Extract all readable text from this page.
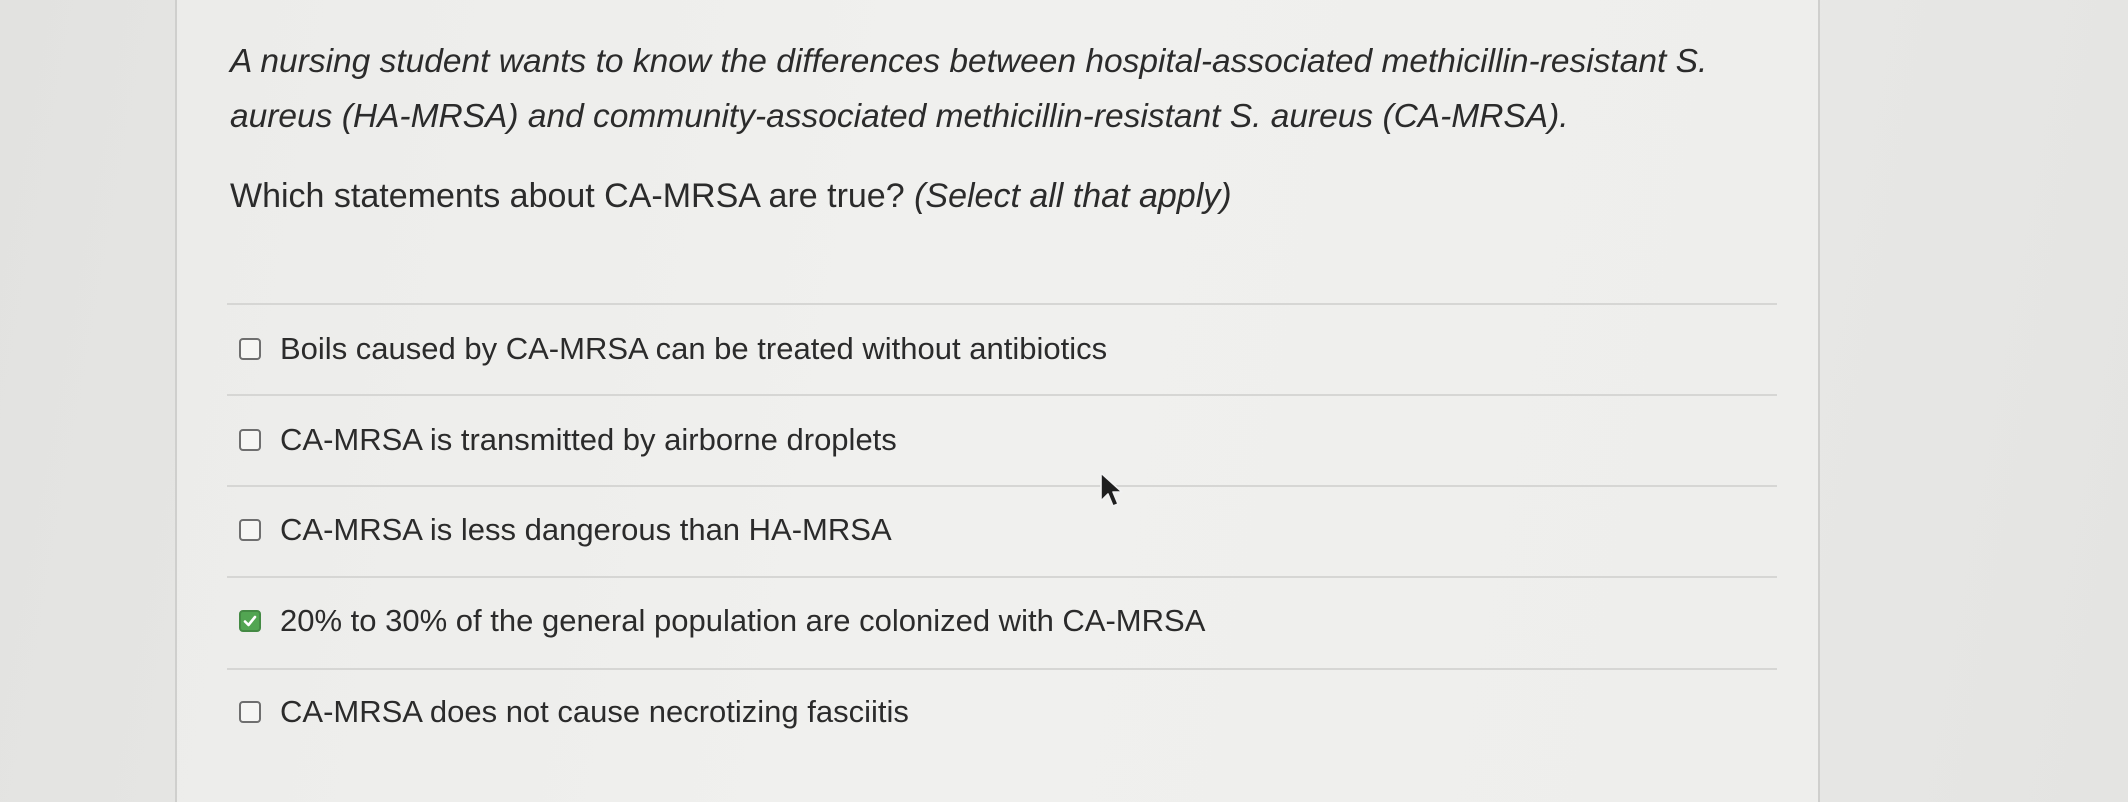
A nursing student wants to know the differences between hospital-associated methicillin-resistant S. aureus (HA-MRSA) and community-associated methicillin-resistant S. aureus (CA-MRSA).

Which statements about CA-MRSA are true? (Select all that apply)

Boils caused by CA-MRSA can be treated without antibiotics
CA-MRSA is transmitted by airborne droplets
CA-MRSA is less dangerous than HA-MRSA
20% to 30% of the general population are colonized with CA-MRSA
CA-MRSA does not cause necrotizing fasciitis
